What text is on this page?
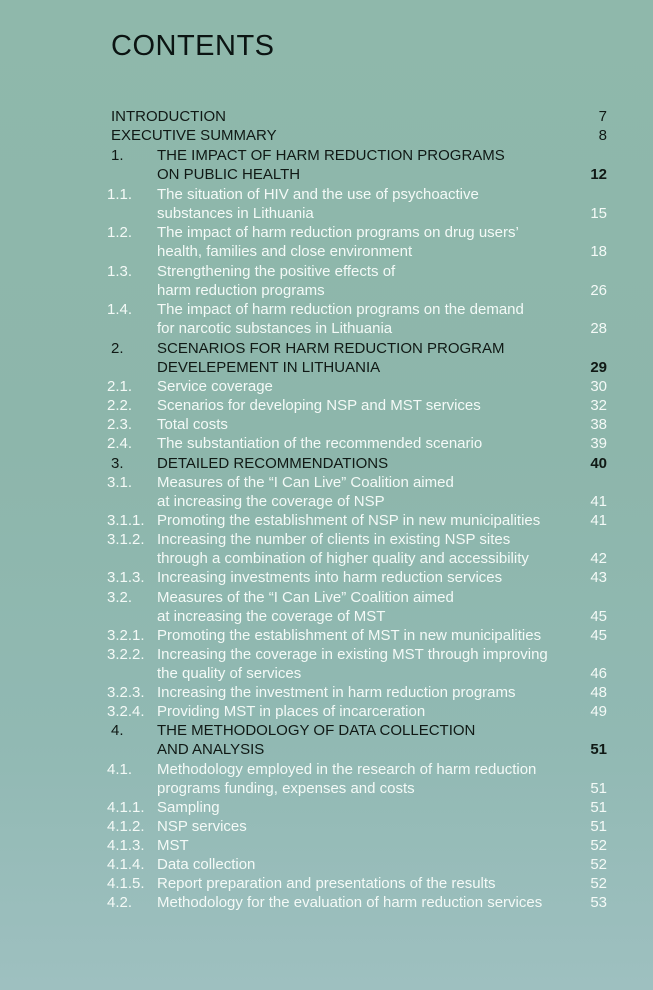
CONTENTS
INTRODUCTION	7
EXECUTIVE SUMMARY	8
1. THE IMPACT OF HARM REDUCTION PROGRAMS
ON PUBLIC HEALTH	12
1.1. The situation of HIV and the use of psychoactive
substances in Lithuania	15
1.2. The impact of harm reduction programs on drug users’
health, families and close environment	18
1.3. Strengthening the positive effects of
harm reduction programs	26
1.4. The impact of harm reduction programs on the demand
for narcotic substances in Lithuania	28
2. SCENARIOS FOR HARM REDUCTION PROGRAM
DEVELEPEMENT IN LITHUANIA	29
2.1. Service coverage	30
2.2. Scenarios for developing NSP and MST services	32
2.3. Total costs	38
2.4. The substantiation of the recommended scenario	39
3. DETAILED RECOMMENDATIONS	40
3.1. Measures of the “I Can Live” Coalition aimed
at increasing the coverage of NSP	41
3.1.1. Promoting the establishment of NSP in new municipalities	41
3.1.2. Increasing the number of clients in existing NSP sites
through a combination of higher quality and accessibility	42
3.1.3. Increasing investments into harm reduction services	43
3.2. Measures of the “I Can Live” Coalition aimed
at increasing the coverage of MST	45
3.2.1. Promoting the establishment of MST in new municipalities	45
3.2.2. Increasing the coverage in existing MST through improving
the quality of services	46
3.2.3. Increasing the investment in harm reduction programs	48
3.2.4. Providing MST in places of incarceration	49
4. THE METHODOLOGY OF DATA COLLECTION
AND ANALYSIS	51
4.1. Methodology employed in the research of harm reduction
programs funding, expenses and costs	51
4.1.1. Sampling	51
4.1.2. NSP services	51
4.1.3. MST	52
4.1.4. Data collection	52
4.1.5. Report preparation and presentations of the results	52
4.2. Methodology for the evaluation of harm reduction services	53
